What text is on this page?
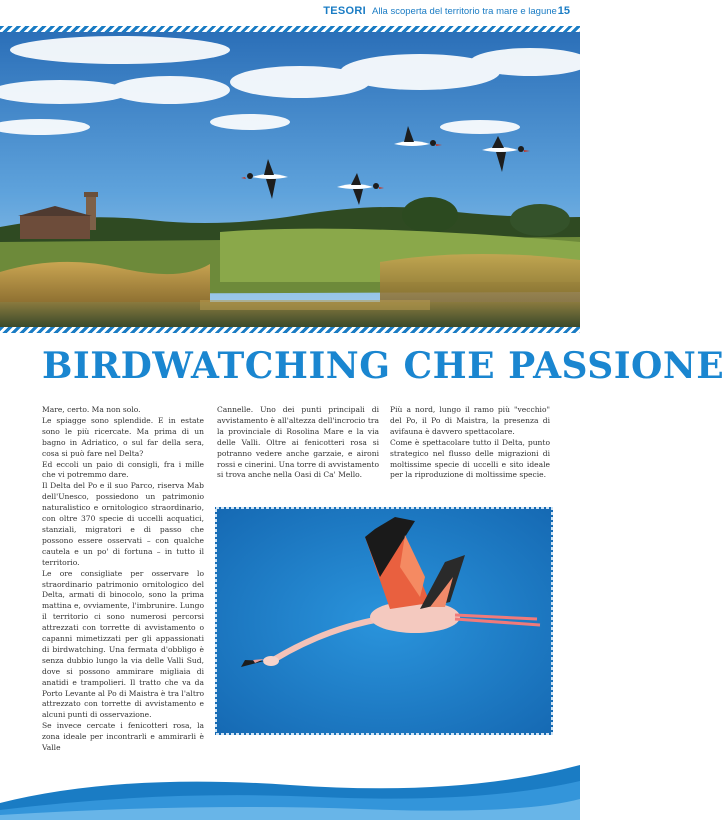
TESORI Alla scoperta del territorio tra mare e lagune 15
BIRDWATCHING CHE PASSIONE

Mare, certo. Ma non solo.

Le spiagge sono splendide. E in estate sono le più ricercate. Ma prima di un bagno in Adriatico, o sul far della sera, cosa si può fare nel Delta?

Ed eccoli un paio di consigli, fra i mille che vi potremmo dare.

Il Delta del Po e il suo Parco, riserva Mab dell'Unesco, possiedono un patrimonio naturalistico e ornitologico straordinario, con oltre 370 specie di uccelli acquatici, stanziali, migratori e di passo che possono essere osservati – con qualche cautela e un po' di fortuna – in tutto il territorio.

Le ore consigliate per osservare lo straordinario patrimonio ornitologico del Delta, armati di binocolo, sono la prima mattina e, ovviamente, l'imbrunire. Lungo il territorio ci sono numerosi percorsi attrezzati con torrette di avvistamento o capanni mimetizzati per gli appassionati di birdwatching. Una fermata d'obbligo è senza dubbio lungo la via delle Valli Sud, dove si possono ammirare migliaia di anatidi e trampolieri. Il tratto che va da Porto Levante al Po di Maistra è tra l'altro attrezzato con torrette di avvistamento e alcuni punti di osservazione.

Se invece cercate i fenicotteri rosa, la zona ideale per incontrarli e ammirarli è Valle

Cannelle. Uno dei punti principali di avvistamento è all'altezza dell'incrocio tra la provinciale di Rosolina Mare e la via delle Valli. Oltre ai fenicotteri rosa si potranno vedere anche garzaie, e aironi rossi e cinerini. Una torre di avvistamento si trova anche nella Oasi di Ca' Mello.

Più a nord, lungo il ramo più "vecchio" del Po, il Po di Maistra, la presenza di avifauna è davvero spettacolare.

Come è spettacolare tutto il Delta, punto strategico nel flusso delle migrazioni di moltissime specie di uccelli e sito ideale per la riproduzione di moltissime specie.
